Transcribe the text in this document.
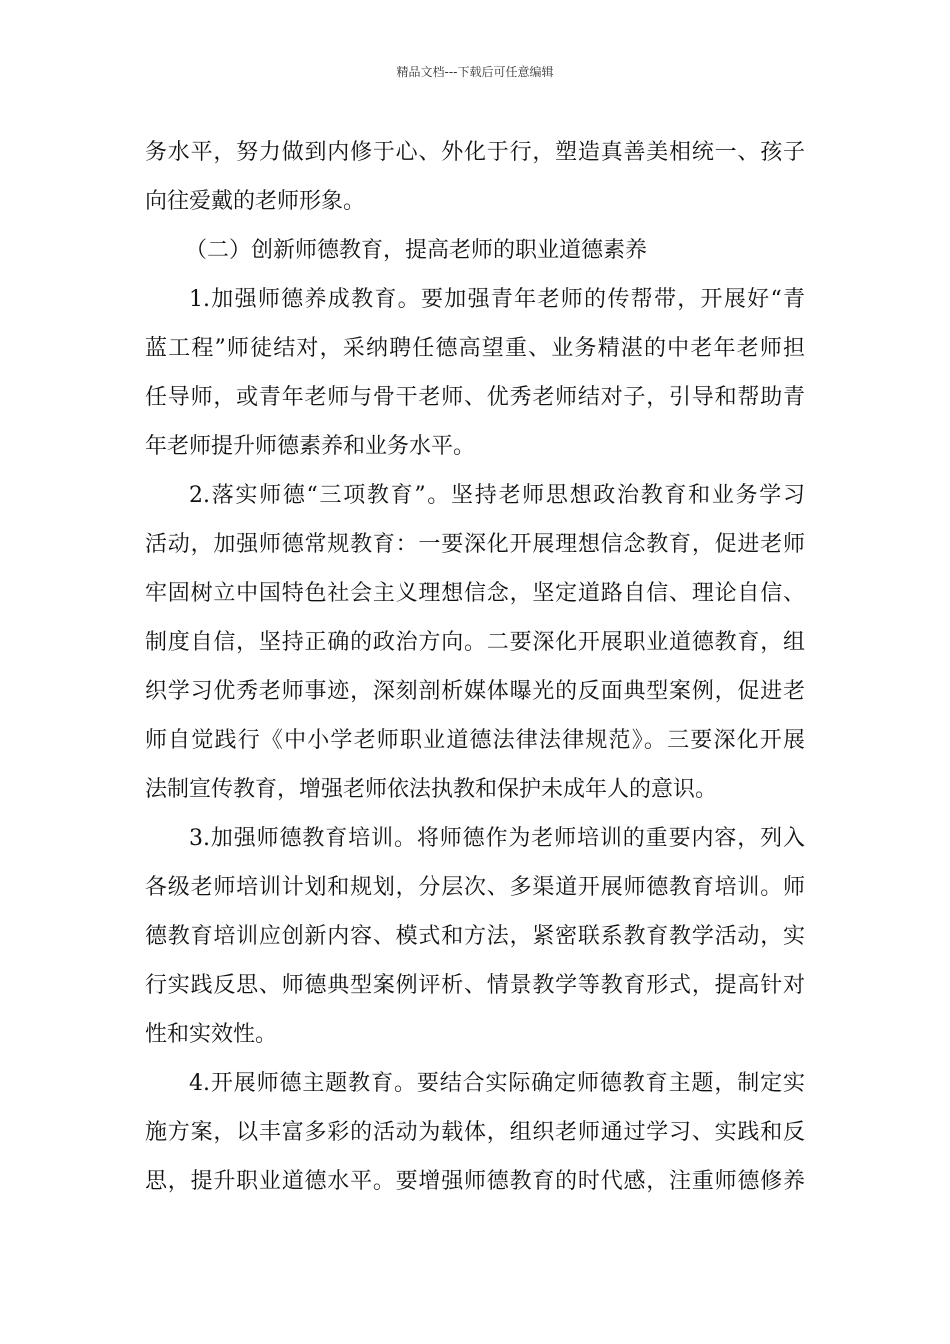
精品文档---下载后可任意编辑
务水平，努力做到内修于心、外化于行，塑造真善美相统一、孩子
向往爱戴的老师形象。
（二）创新师德教育，提高老师的职业道德素养
1.加强师德养成教育。要加强青年老师的传帮带，开展好“青
蓝工程”师徒结对，采纳聘任德高望重、业务精湛的中老年老师担
任导师，或青年老师与骨干老师、优秀老师结对子，引导和帮助青
年老师提升师德素养和业务水平。
2.落实师德“三项教育”。坚持老师思想政治教育和业务学习
活动，加强师德常规教育：一要深化开展理想信念教育，促进老师
牢固树立中国特色社会主义理想信念，坚定道路自信、理论自信、
制度自信，坚持正确的政治方向。二要深化开展职业道德教育，组
织学习优秀老师事迹，深刻剖析媒体曝光的反面典型案例，促进老
师自觉践行《中小学老师职业道德法律法律规范》。三要深化开展
法制宣传教育，增强老师依法执教和保护未成年人的意识。
3.加强师德教育培训。将师德作为老师培训的重要内容，列入
各级老师培训计划和规划，分层次、多渠道开展师德教育培训。师
德教育培训应创新内容、模式和方法，紧密联系教育教学活动，实
行实践反思、师德典型案例评析、情景教学等教育形式，提高针对
性和实效性。
4.开展师德主题教育。要结合实际确定师德教育主题，制定实
施方案，以丰富多彩的活动为载体，组织老师通过学习、实践和反
思，提升职业道德水平。要增强师德教育的时代感，注重师德修养
